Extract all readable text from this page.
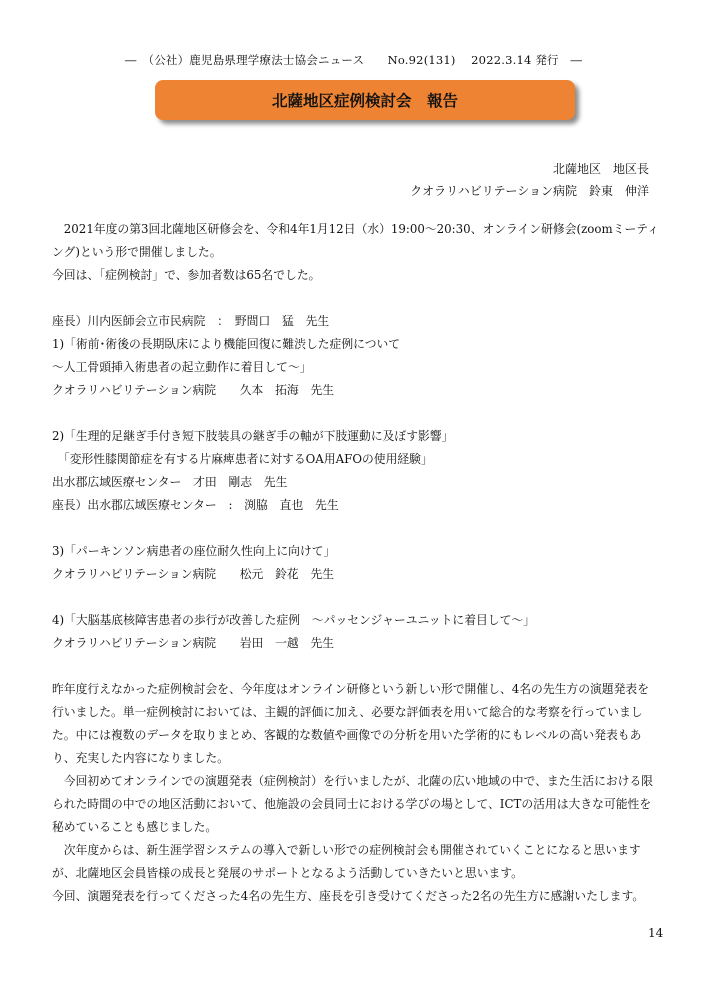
―　（公社）鹿児島県理学療法士協会ニュース　　No.92(131)　 2022.3.14 発行　―
北薩地区症例検討会　報告
北薩地区　地区長
クオラリハビリテーション病院　鈴東　伸洋

2021年度の第3回北薩地区研修会を、令和4年1月12日（水）19:00～20:30、オンライン研修会(zoomミーティング)という形で開催しました。

今回は、「症例検討」で、参加者数は65名でした。

座長）川内医師会立市民病院　：　野間口　猛　先生

1)「術前･術後の長期臥床により機能回復に難渋した症例について

～人工骨頭挿入術患者の起立動作に着目して～」

クオラリハビリテーション病院　　久本　拓海　先生

2)「生理的足継ぎ手付き短下肢装具の継ぎ手の軸が下肢運動に及ぼす影響」

「変形性膝関節症を有する片麻痺患者に対するOA用AFOの使用経験」

出水郡広域医療センター　才田　剛志　先生

座長）出水郡広域医療センター　:　渕脇　直也　先生

3)「パーキンソン病患者の座位耐久性向上に向けて」

クオラリハビリテーション病院　　松元　鈴花　先生

4)「大脳基底核障害患者の歩行が改善した症例　～パッセンジャーユニットに着目して～」

クオラリハビリテーション病院　　岩田　一越　先生

昨年度行えなかった症例検討会を、今年度はオンライン研修という新しい形で開催し、4名の先生方の演題発表を行いました。単一症例検討においては、主観的評価に加え、必要な評価表を用いて総合的な考察を行っていました。中には複数のデータを取りまとめ、客観的な数値や画像での分析を用いた学術的にもレベルの高い発表もあり、充実した内容になりました。

今回初めてオンラインでの演題発表（症例検討）を行いましたが、北薩の広い地域の中で、また生活における限られた時間の中での地区活動において、他施設の会員同士における学びの場として、ICTの活用は大きな可能性を秘めていることも感じました。

次年度からは、新生涯学習システムの導入で新しい形での症例検討会も開催されていくことになると思いますが、北薩地区会員皆様の成長と発展のサポートとなるよう活動していきたいと思います。

今回、演題発表を行ってくださった4名の先生方、座長を引き受けてくださった2名の先生方に感謝いたします。

14
